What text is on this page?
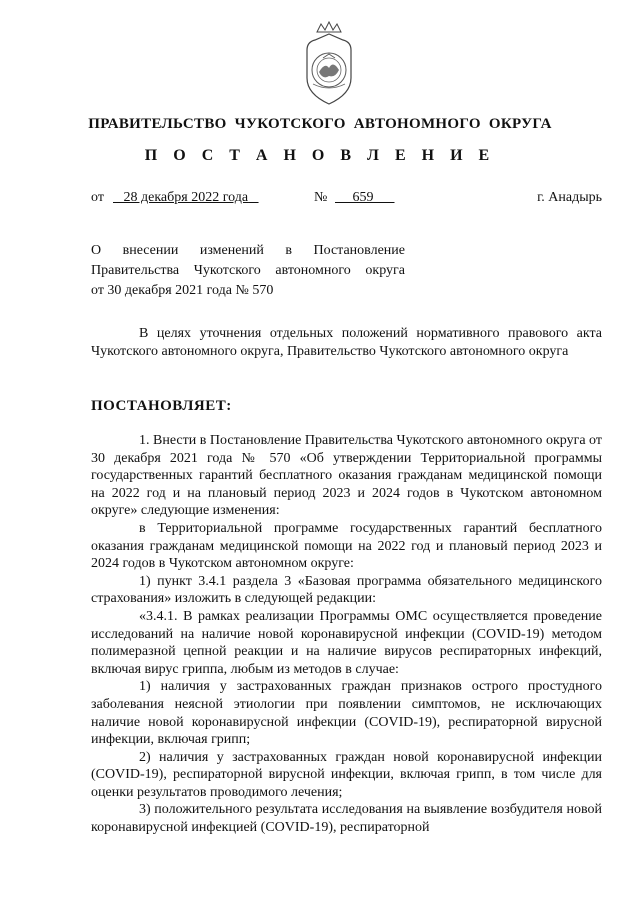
ПРАВИТЕЛЬСТВО ЧУКОТСКОГО АВТОНОМНОГО ОКРУГА
П О С Т А Н О В Л Е Н И Е
от	28 декабря 2022 года	№	659	г. Анадырь
О внесении изменений в Постановление
Правительства Чукотского автономного округа
от 30 декабря 2021 года № 570

В целях уточнения отдельных положений нормативного правового акта Чукотского автономного округа, Правительство Чукотского автономного округа

ПОСТАНОВЛЯЕТ:

1. Внести в Постановление Правительства Чукотского автономного округа от 30 декабря 2021 года № 570 «Об утверждении Территориальной программы государственных гарантий бесплатного оказания гражданам медицинской помощи на 2022 год и на плановый период 2023 и 2024 годов в Чукотском автономном округе» следующие изменения:

в Территориальной программе государственных гарантий бесплатного оказания гражданам медицинской помощи на 2022 год и плановый период 2023 и 2024 годов в Чукотском автономном округе:

1) пункт 3.4.1 раздела 3 «Базовая программа обязательного медицинского страхования» изложить в следующей редакции:

«3.4.1. В рамках реализации Программы ОМС осуществляется проведение исследований на наличие новой коронавирусной инфекции (COVID-19) методом полимеразной цепной реакции и на наличие вирусов респираторных инфекций, включая вирус гриппа, любым из методов в случае:

1) наличия у застрахованных граждан признаков острого простудного заболевания неясной этиологии при появлении симптомов, не исключающих наличие новой коронавирусной инфекции (COVID-19), респираторной вирусной инфекции, включая грипп;

2) наличия у застрахованных граждан новой коронавирусной инфекции (COVID-19), респираторной вирусной инфекции, включая грипп, в том числе для оценки результатов проводимого лечения;

3) положительного результата исследования на выявление возбудителя новой коронавирусной инфекцией (COVID-19), респираторной
